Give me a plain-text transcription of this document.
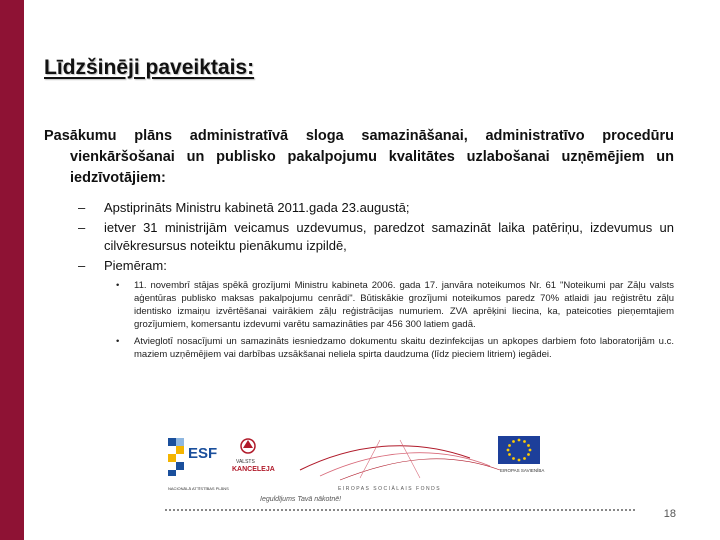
Līdzšinēji paveiktais:

Pasākumu plāns administratīvā sloga samazināšanai, administratīvo procedūru vienkāršošanai un publisko pakalpojumu kvalitātes uzlabošanai uzņēmējiem un iedzīvotājiem:

– Apstiprināts Ministru kabinetā 2011.gada 23.augustā;

– ietver 31 ministrijām veicamus uzdevumus, paredzot samazināt laika patēriņu, izdevumus un cilvēkresursus noteiktu pienākumu izpildē,

– Piemēram:

• 11. novembrī stājas spēkā grozījumi Ministru kabineta 2006. gada 17. janvāra noteikumos Nr. 61 "Noteikumi par Zāļu valsts aģentūras publisko maksas pakalpojumu cenrādi". Būtiskākie grozījumi noteikumos paredz 70% atlaidi jau reģistrētu zāļu identisko izmaiņu izvērtēšanai vairākiem zāļu reģistrācijas numuriem. ZVA aprēķini liecina, ka, pateicoties pieņemtajiem grozījumiem, komersantu izdevumi varētu samazināties par 456 300 latiem gadā.

• Atvieglotī nosacījumi un samazināts iesniedzamo dokumentu skaitu dezinfekcijas un apkopes darbiem foto laboratorijām u.c. maziem uzņēmējiem vai darbības uzsākšanai neliela spirta daudzuma (līdz pieciem litriem) iegādei.

ESF
NACIONĀLĀ ATTĪSTĪBAS PLĀNS
VALSTS
KANCELEJA
EIROPAS SOCIĀLAIS FONDS
EIROPAS SAVIENĪBA
Ieguldījums Tavā nākotnē!
18
